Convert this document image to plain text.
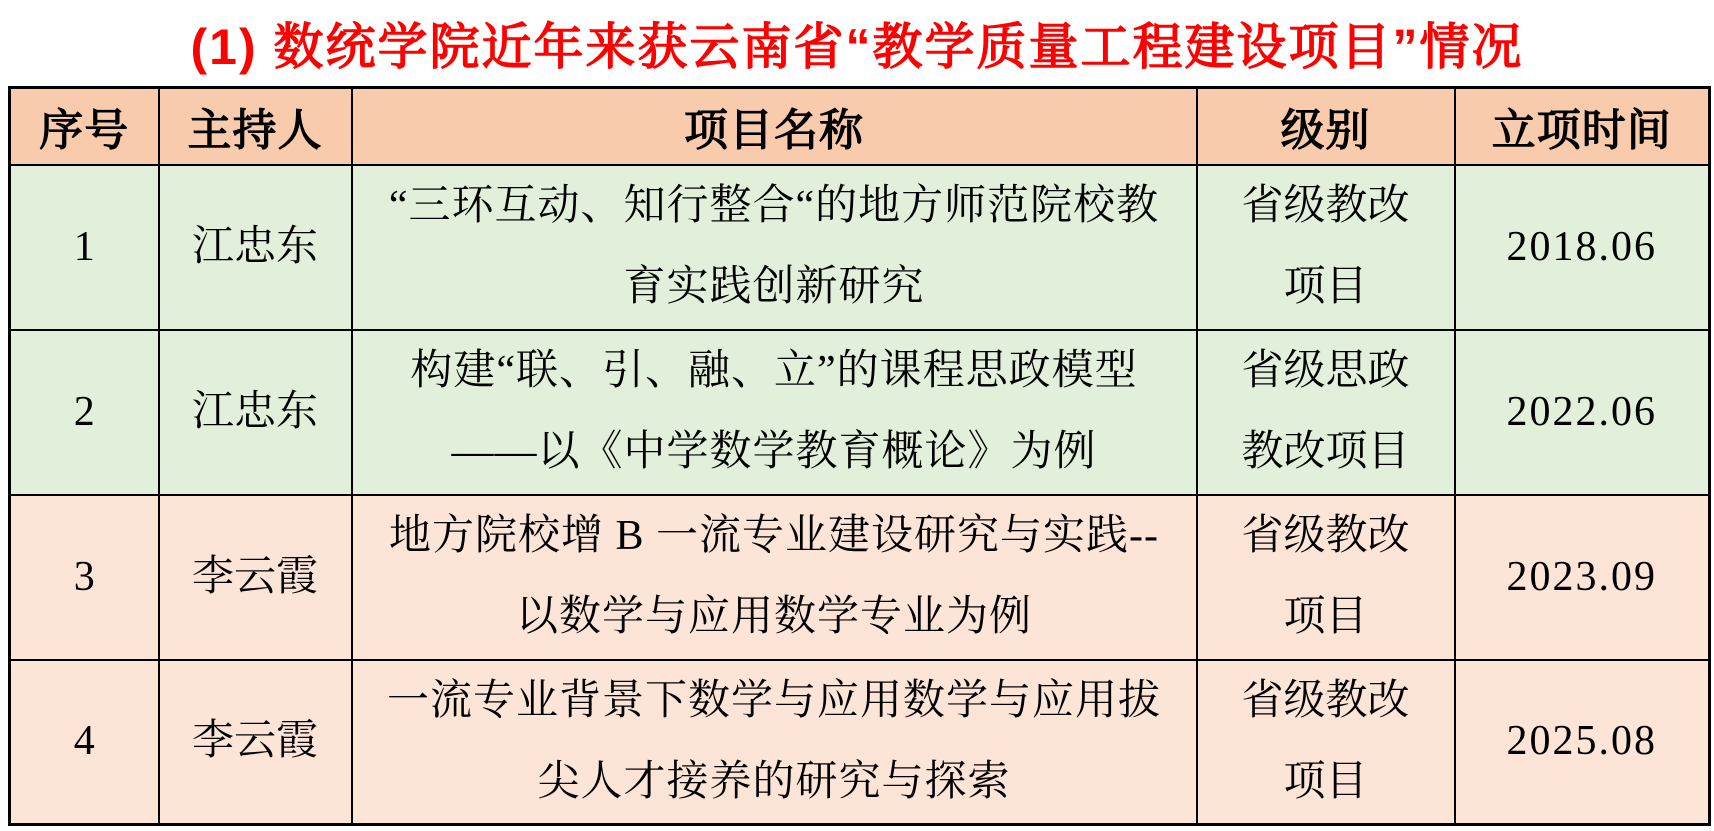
(1) 数统学院近年来获云南省“教学质量工程建设项目”情况
序号	主持人	项目名称	级别	立项时间
1	江忠东	“三环互动、知行整合“的地方师范院校教育实践创新研究	省级教改项目	2018.06
2	江忠东	构建“联、引、融、立”的课程思政模型——以《中学数学教育概论》为例	省级思政教改项目	2022.06
3	李云霞	地方院校增 B 一流专业建设研究与实践--以数学与应用数学专业为例	省级教改项目	2023.09
4	李云霞	一流专业背景下数学与应用数学与应用拔尖人才接养的研究与探索	省级教改项目	2025.08
